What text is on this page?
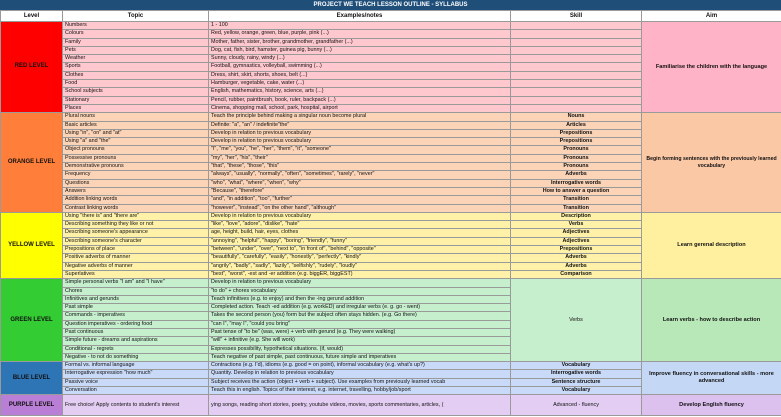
PROJECT WE TEACH LESSON OUTLINE - SYLLABUS
Level	Topic	Examples/notes	Skill	Aim
RED LEVEL	Numbers	1 - 100		Familiarise the children with the language
	Colours	Red, yellow, orange, green, blue, purple, pink (...)		
	Family	Mother, father, sister, brother, grandmother, grandfather (...)		
	Pets	Dog, cat, fish, bird, hamster, guinea pig, bunny (...)		
	Weather	Sunny, cloudy, rainy, windy (...)		
	Sports	Football, gymnastics, volleyball, swimming (...)		
	Clothes	Dress, shirt, skirt, shorts, shoes, belt (...)		
	Food	Hamburger, vegetable, cake, water (...)		
	School subjects	English, mathematics, history, science, arts (...)		
	Stationary	Pencil, rubber, paintbrush, book, ruler, backpack (...)		
	Places	Cinema, shopping mall, school, park, hospital, airport		
ORANGE LEVEL	Plural nouns	Teach the principle behind making a singular noun become plural	Nouns	Begin forming sentences with the previously learned vocabulary
	Basic articles	Definite: "a", "an" / indefinite"the"	Articles	
	Using "in", "on" and "at"	Develop in relation to previous vocabulary	Prepositions	
	Using "a" and "the"	Develop in relation to previous vocabulary	Prepositions	
	Object pronouns	"I", "me", "you", "he", "her", "them", "it", "someone"	Pronouns	
	Possessive pronouns	"my", "her", "his", "their"	Pronouns	
	Demonstrative pronouns	"that", "these", "those", "this"	Pronouns	
	Frequency	"always", "usually", "normally", "often", "sometimes", "rarely", "never"	Adverbs	
	Questions	"who", "what", "where", "when", "why"	Interrogative words	
	Answers	"Because", "therefore"	How to answer a question	
	Addition linking words	"and", "in addition", "too", "further"	Transition	
	Contrast linking words	"however", "instead", "on the other hand", "although"	Transition	
YELLOW LEVEL	Using "there is" and "there are"	Develop in relation to previous vocabulary	Description	Learn gerenal description
	Describing something they like or not	"like", "love", "adore", "dislike", "hate"	Verbs	
	Describing someone's appearance	age, height, build, hair, eyes, clothes	Adjectives	
	Describing someone's character	"annoying", "helpful", "happy", "boring", "friendly", "funny"	Adjectives	
	Prepositions of place	"between", "under", "over", "next to", "in front of", "behind", "opposite"	Prepositions	
	Positive adverbs of manner	"beautifully", "carefully", "easily", "honestly", "perfectly", "kindly"	Adverbs	
	Negative adverbs of manner	"angrily", "badly", "sadly", "lazily", "selfishly", "rudely", "loudly"	Adverbs	
	Superlatives	"best", "worst", -est and -er addition (e.g. biggER, biggEST)	Comparison	
GREEN LEVEL	Simple personal verbs "I am" and "I have"	Develop in relation to previous vocabulary	Verbs	Learn verbs - how to describe action
	Chores	"to do" + chores vocabulary		
	Infinitives and gerunds	Teach infinitives (e.g. to enjoy) and then the -ing gerund addition		
	Past simple	Completed action. Teach -ed addition (e.g. workED) and irregular verbs (e. g. go - went)		
	Commands - imperatives	Takes the second person (you) form but the subject often stays hidden. (e.g. Go there)		
	Question imperatives - ordering food	"can I", "may I", "could you bring"		
	Past continuous	Past tense of "to be" (was, were) + verb with gerund (e.g. They were walking)		
	Simple future - dreams and aspirations	"will" + infinitive (e.g. She will work)		
	Conditional - regrets	Expresses possibility, hypothetical situations. (if, would)		
	Negative - to not do something	Teach negative of past simple, past continuous, future simple and imperatives		
BLUE LEVEL	Formal vs. informal language	Contractions (e.g. I'd), idioms (e.g. good = on point), informal vocabulary (e.g. what's up?)	Vocabulary	Improve fluency in conversational skills - more advanced
	Interrogative expression "how much"	Quantity. Develop in relation to previous vocabulary	Interrogative words	
	Passive voice	Subject receives the action (object + verb + subject). Use examples from previously learned vocab	Sentence structure	
	Conversation	Teach this in english. Topics of their interest, e.g. internet, travelling, hobby/job/sport	Vocabulary	
PURPLE LEVEL	Free choice! Apply contents to student's interest	ying songs, reading short stories, poetry, youtube videos, movies, sports commentaries, articles, (	Advanced - fluency	Develop English fluency
